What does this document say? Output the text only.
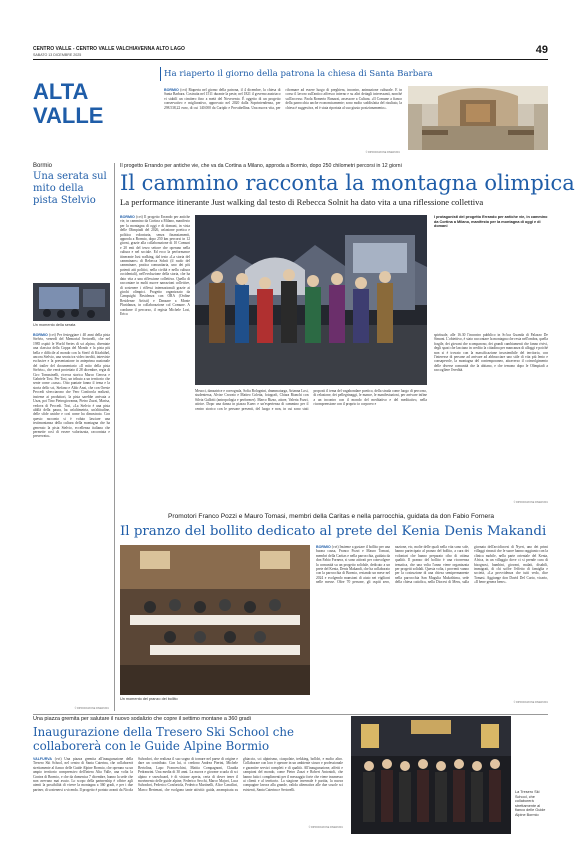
CENTRO VALLE - CENTRO VALLE VALCHIAVENNA ALTO LAGO
SABATO 13 DICEMBRE 2025	49
ALTA
VALLE
Ha riaperto il giorno della patrona la chiesa di Santa Barbara
BORMIO (cvt) Riaperta nel giorno della patrona, il 4 dicembre, la chiesa di Santa Barbara. Costruita nel 1511 durante la peste, nel 1821 il governo austriaco vi stabilì un cimitero fino a metà del Novecento. È oggetto di un progetto conservativo e migliorativo, approvato nel 2020 dalla Soprintendenza, per 298.538,22 euro, di cui 140.000 da Cariplo e Provabellina. Una nuova vita, per riformare ad essere luogo di preghiera, incontro, animazione culturale. È in corso il lavoro sull'antico affresco interno e su altri dettagli interessanti, nonché sull'accesso. Paola Romerio Bonazzi, assessore a Cultura. «Il Comune a fianco della parrocchia anche economicamente; sono molto soddisfatta del risultato, la chiesa è suggestiva, ed è stata riportata al suo giusto posizionamento».
© RIPRODUZIONE RISERVATA
Bormio
Una serata sul mito della pista Stelvio
Un momento della serata
BORMIO (cvt) Per festeggiare i 40 anni della pista Stelvio, venerdì del Memorial Sertorelli, che nel 1985 ospitò le World Series di sci alpino, diventate una classica della Coppa del Mondo e la pista più bella e difficile al mondo con la Streif di Kitzbühel, ancora Stelvio, una serata tra video inediti, interviste esclusive e la presentazione in anteprima nazionale del trailer del documentario «Il mito della pista Stelvio», che verrà proiettato il 28 dicembre, regia di Ciro Tomasinelli, ricerca storica Marco Gerosa e Gabriele Tosi. Per Tosi, un tributo a un territorio che sente come «casa». Otto puntate fanno il tema e la storia dello sci, Stefano e Aldo Anzi, che con Oreste Peccedi sfrecciarono che Vero Conforola realizzò, insieme ai produttori, la pista sarebbe arrivata a Uzza, poi Tino Pietrogiovanna, Pietro Zuzzi, Marisa, vedova di Peccedi. Tosi, «La Stelvio è una pista aldilà della paura, ha un'altimetria, un'altitudine, delle sfide uniche e così come ha dimostrato. Con questo racconto si è voluto lasciare una testimonianza della cultura della montagna che ha generato la pista Stelvio, eccellenza italiana che permette così di essere valorizzata, raccontata e preservata».
© RIPRODUZIONE RISERVATA
Il progetto Errando per antiche vie, che va da Cortina a Milano, approda a Bormio, dopo 250 chilometri percorsi in 12 giorni
Il cammino racconta la montagna olimpica
La performance itinerante Just walking dal testo di Rebecca Solnit ha dato vita a una riflessione collettiva
BORMIO (cvt) Il progetto Errando per antiche vie, in cammino da Cortina a Milano, manifesto per la montagna di oggi e di domani, in vista delle Olimpiadi del 2026, un'azione poetica e politica volontaria, senza finanziamenti, approda a Bormio, dopo 250 km percorsi in 12 giorni, grazie alla collaborazione di 10 Comuni e 20 enti del terzo settore che operano nella cultura e nel sociale. Ed ecco la performance itinerante Just walking, dal testo «La storia del camminare» di Rebecca Solnit (il ruolo del camminare, pratica comunitaria, uno dei più potenti atti politici, nella civiltà e nella cultura occidentali), nell'evoluzione della storia, che ha dato vita a una riflessione collettiva. Quella di raccontare in molti nuove narrazioni collettive, di sostenere i riflessi internazionali grazie ai giochi olimpici. Progetto organizzato da Campsight Residenza con ORA (Ordine Residenze Artisti) e Danzare a Monte Pluridanza, in collaborazione col Comune. A condurre il percorso, il regista Michele Losi, Erica
I protagonisti del progetto Errando per antiche vie, in cammino da Cortina a Milano, manifesto per la montagna di oggi e di domani
Meucci, danzatrice e coreografa, Sofia Bolognini, drammaturga, Arianna Losi, studentessa, Alvise Crovato e Matteo Coletta, fotografi, Chiara Bianchi con Silvia Gallotti (antropologia e performer). Marco Rizzo, attore, Valeria Fozzi, attrice. Dopo una danza in piazza Kuerc e un'esperienza di cammino per il centro storico con le persone presenti, del luogo e non, in cui sono stati proposti il tema del vagabondare poetico, della strada come luogo di percorso, di relazione, dei pellegrinaggi, le mance, le manifestazioni, per arrivare infine a un incontro con il mondo del meditativo e del meditativo, nella ricomprensione con il proprio io corporeo e
spirituale, alle 16.30 l'incontro pubblico in Sc'toa Guanda di Palazzo De Simoni. L'obiettivo, è stato raccontare la montagna che resta nell'ombra, quella fragile, dei giovani che scomparono, dei grandi cambiamenti che fanno rivivi, degli spazi che lasciano in credito la cittadina per mancanza di alloggi e poichè non si è trovato con la massificazione insostenibile del territorio, con l'interesse di persone ad arrivare ad abbracciare uno stile di vita più lento e consapevole, la montagna del contemporaneo, attraverso il coinvolgimento delle diverse comunità che la abitano, e che temono dopo le Olimpiadi a raccogliere l'eredità.
© RIPRODUZIONE RISERVATA
Promotori Franco Pozzi e Mauro Tomasi, membri della Caritas e nella parrocchia, guidata da don Fabio Fornera
Il pranzo del bollito dedicato al prete del Kenia Denis Makandi
Un momento del pranzo del bollito
BORMIO (cvt) Insieme a gustare il bollito per una buona causa, Franco Pozzi e Mauro Tomasi, membri della Caritas e nella parrocchia, guidata da don Fabio Fornera, si sono attivati per coinvolgere la comunità su un progetto solidale, dedicato a un prete del Kenia, Denis Makandi, che ha collaborato con la parrocchia di Bormio, restando un mese nel 2024 e svolgendo mansioni di aiuto nei vigilioni nelle messe. Oltre 70 persone, gli ospiti zero, nazione, etc, molte delle quali nella vita sono sole, hanno partecipato al pranzo del bollito, a cura dei volontari che hanno preparato cibo di ottima qualità. Il pranzo del bollito è una ricorrenza tematica, che una volta l'anno viene organizzata per progetti solidali. Questa volta, i proventi vanno per la costruzione di una chiesa semipermanente nella parrocchia San Mugulia Mukothima, sede della chiesa cattolica, nella Diocesi di Meru, sulla giornata dell'arcidiocesi di Nyeri, uno dei primi villaggi rimasti che le suore hanno raggiunto con la clinica mobile, nella parte orientale del Kenia, Africa, in un villaggio dove ci si prende cura di bisognosi, bambini, giovani, malati, disabili, immigrati, di chi soffre l'effetto di famiglia e società, «La provvidenza che tutti vedo, dice Tomasi. Aggiunge don David Del Curto, vicario, «Il bene genera bene».
© RIPRODUZIONE RISERVATA
Una piazza gremita per salutare il nuovo sodalizio che copre il settimo montane a 360 gradi
Inaugurazione della Tresero Ski School che collaborerà con le Guide Alpine Bormio
VALFURVA (cvt) Una piazza gremita all'inaugurazione della Tresero Ski School, nel centro di Santa Caterina, che collaborerà strettamente al fianco delle Guide Alpine Bormio, che operano su un ampio territorio comprensivo dell'intera Alta Valle, una volta la Contea di Bormio, e che da domenica 7 dicembre, hanno la sede che non avevano mai avuto. Lo scopo della partnership è offrire agli utenti la possibilità di vivere la montagna a 360 gradi, e per i due partner, di sostenersi a vicenda. Il progetto è portato avanti da Nicola Salvadori, che realizza il suo sogno di tornare nel paese di origine e dare un contributo. Con lui, ci credono Andrea Pierini, Michele Bertolina, Lapo Franceschini, Mattia Compagnoni, Claudia Pedranzini. Una media di 30 anni. La nuova e giovane scuola di sci alpino e snowboard, è di visione aperta, certa di dover tener il movimento delle guide alpine, Federico Secchi, Marco Majori, Luca Salvadori, Federico Confortola, Federico Martinelli, Alice Cancilini, Marco Bertenasi, che svolgono tante attività: guida, arrampicata su ghiaccio, sci alpinismo, ciaspolate, trekking, bolldri, e molto altro. Collaborare con loro è operare in un ambiente sicuro e professionale e garantire servizi completi e di qualità. All'inaugurazione, affetti e campioni del mondo, come Pietro Zazzi e Robert Antonioli, che hanno fatto i complimenti per il messaggio forte che viene trasmesso ai clienti e al territorio. La stagione invernale è partita, la nuova compagine lavora alla grande, valida alternativa alle due scuole sci esistenti, Santa Caterina e Sertorelli.
La Tresero Ski School, che collaborerà strettamente al fianco delle Guide Alpine Bormio
© RIPRODUZIONE RISERVATA
